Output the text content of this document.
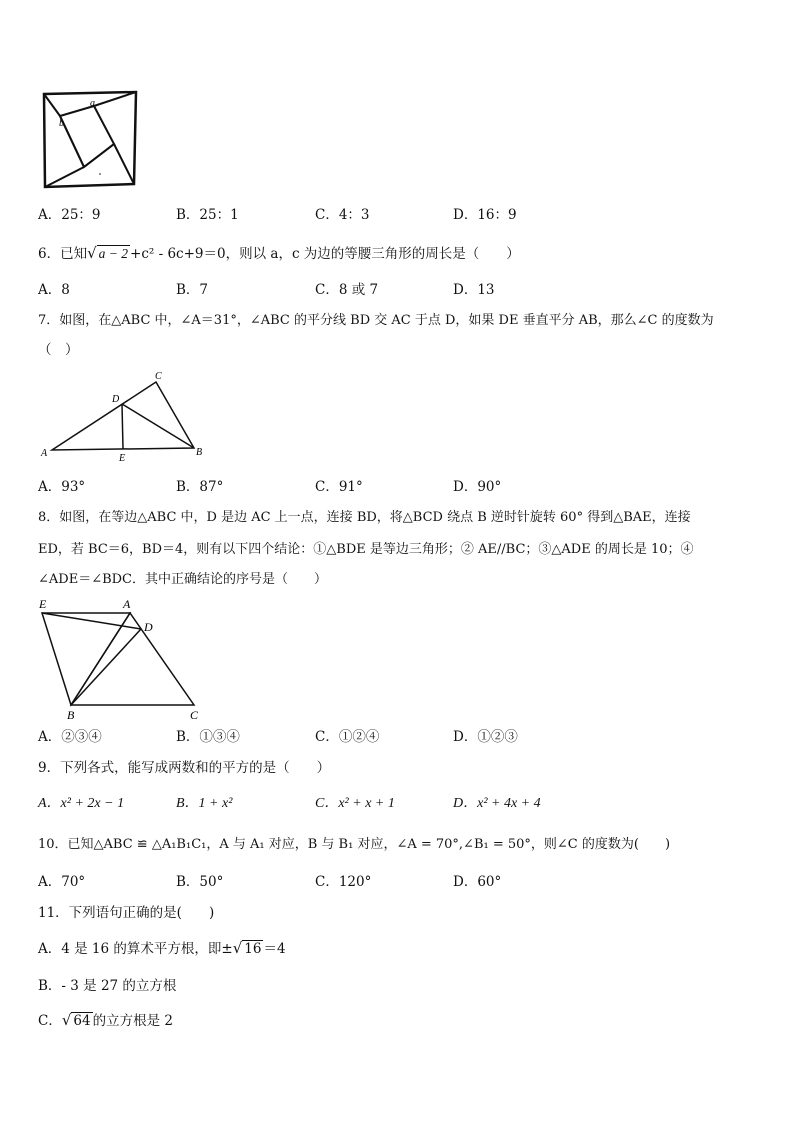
a
b
A．25：9	B．25：1	C．4：3	D．16：9
6．已知√ a − 2 +c² - 6c+9＝0，则以 a，c 为边的等腰三角形的周长是（　　）
A．8	B．7	C．8 或 7	D．13
7．如图，在△ABC 中，∠A＝31°，∠ABC 的平分线 BD 交 AC 于点 D，如果 DE 垂直平分 AB，那么∠C 的度数为
（　）
C
D
A	B
E
A．93°	B．87°	C．91°	D．90°
8．如图，在等边△ABC 中，D 是边 AC 上一点，连接 BD，将△BCD 绕点 B 逆时针旋转 60° 得到△BAE，连接
ED，若 BC＝6，BD＝4，则有以下四个结论：①△BDE 是等边三角形；② AE//BC；③△ADE 的周长是 10；④
∠ADE＝∠BDC．其中正确结论的序号是（　　）
E	A
D
B	C
A．②③④	B．①③④	C．①②④	D．①②③
9．下列各式，能写成两数和的平方的是（　　）
A．x² + 2x − 1	B．1 + x²	C．x² + x + 1	D．x² + 4x + 4
10．已知△ABC ≌ △A₁B₁C₁，A 与 A₁ 对应，B 与 B₁ 对应，∠A = 70°,∠B₁ = 50°，则∠C 的度数为(　　)
A．70°	B．50°	C．120°	D．60°
11．下列语句正确的是(　　)
A．4 是 16 的算术平方根，即±√ 16 ＝4
B．- 3 是 27 的立方根
C．√ 64 的立方根是 2
